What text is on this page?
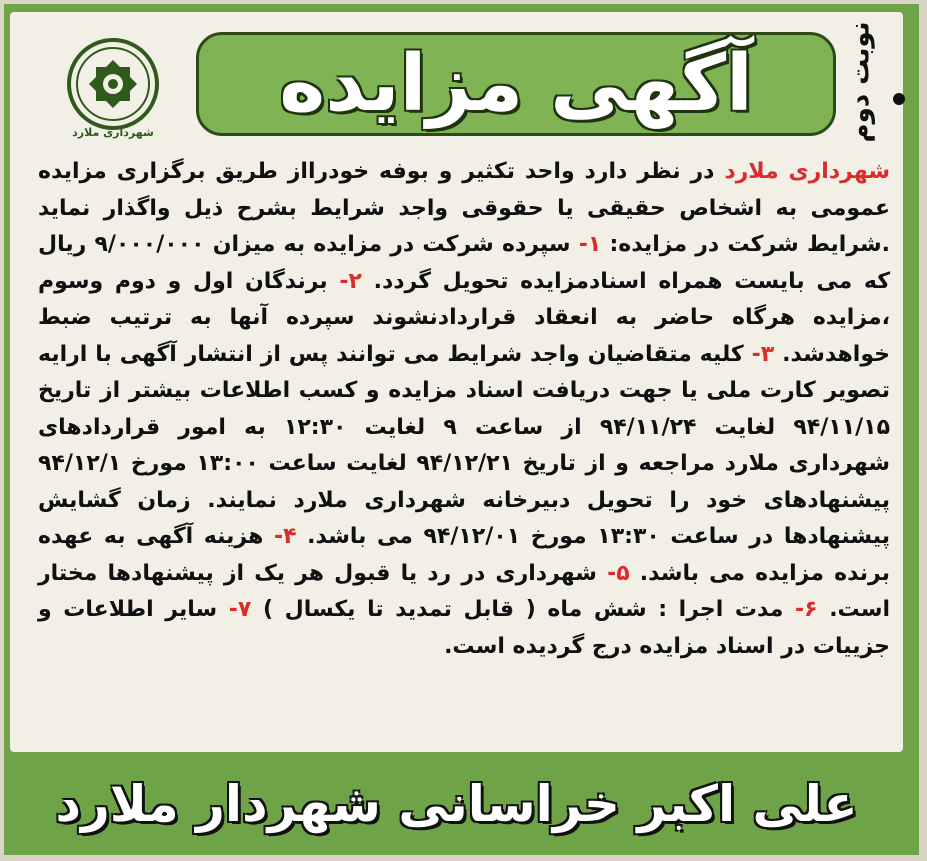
شهرداری ملارد
آگهی مزایده	نوبت دوم
شهرداری ملارد در نظر دارد واحد تکثیر و بوفه خودرااز طریق برگزاری مزایده عمومی به اشخاص حقیقی یا حقوقی واجد شرایط بشرح ذیل واگذار نماید .شرایط شرکت در مزایده: ۱- سپرده شرکت در مزایده به میزان ۹/۰۰۰/۰۰۰ ریال که می بایست همراه اسنادمزایده تحویل گردد. ۲- برندگان اول و دوم وسوم ،مزایده هرگاه حاضر به انعقاد قراردادنشوند سپرده آنها به ترتیب ضبط خواهدشد. ۳- کلیه متقاضیان واجد شرایط می توانند پس از انتشار آگهی با ارایه تصویر کارت ملی یا جهت دریافت اسناد مزایده و کسب اطلاعات بیشتر از تاریخ ۹۴/۱۱/۱۵ لغایت ۹۴/۱۱/۲۴ از ساعت ۹ لغایت ۱۲:۳۰ به امور قراردادهای شهرداری ملارد مراجعه و از تاریخ ۹۴/۱۲/۲۱ لغایت ساعت ۱۳:۰۰ مورخ ۹۴/۱۲/۱ پیشنهادهای خود را تحویل دبیرخانه شهرداری ملارد نمایند. زمان گشایش پیشنهادها در ساعت ۱۳:۳۰ مورخ ۹۴/۱۲/۰۱ می باشد. ۴- هزینه آگهی به عهده برنده مزایده می باشد. ۵- شهرداری در رد یا قبول هر یک از پیشنهادها مختار است. ۶- مدت اجرا : شش ماه ( قابل تمدید تا یکسال ) ۷- سایر اطلاعات و جزییات در اسناد مزایده درج گردیده است.
علی اکبر خراسانی شهردار ملارد
